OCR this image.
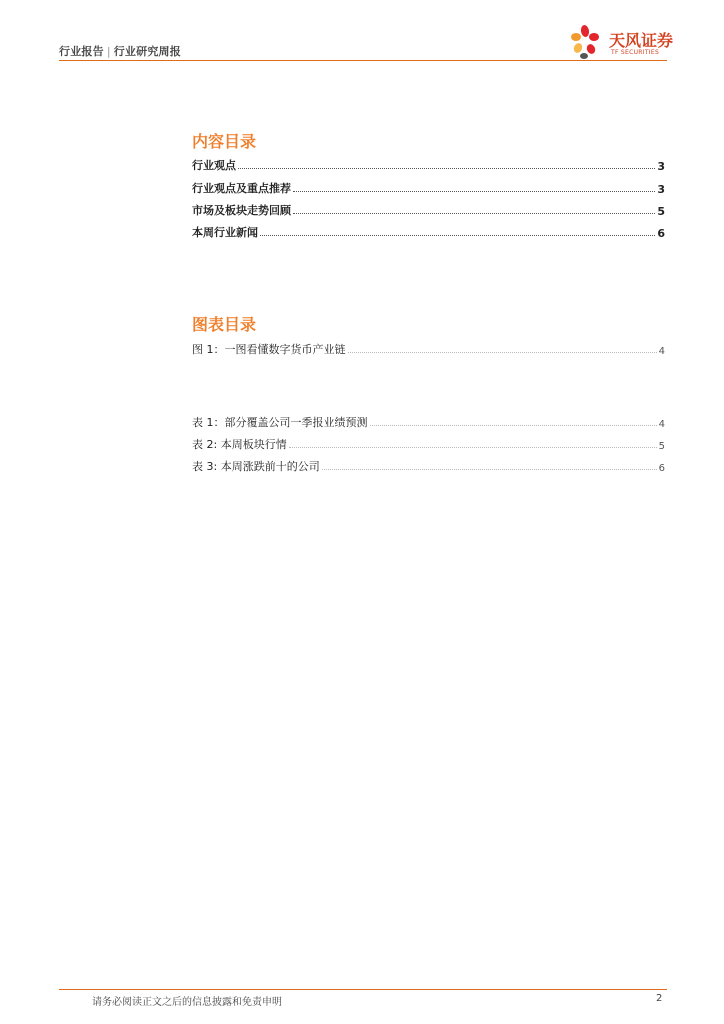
行业报告 | 行业研究周报
天风证券
TF SECURITIES
内容目录
行业观点	3
行业观点及重点推荐	3
市场及板块走势回顾	5
本周行业新闻	6
图表目录
图 1：一图看懂数字货币产业链	4
表 1：部分覆盖公司一季报业绩预测	4
表 2: 本周板块行情	5
表 3: 本周涨跌前十的公司	6
请务必阅读正文之后的信息披露和免责申明	2
